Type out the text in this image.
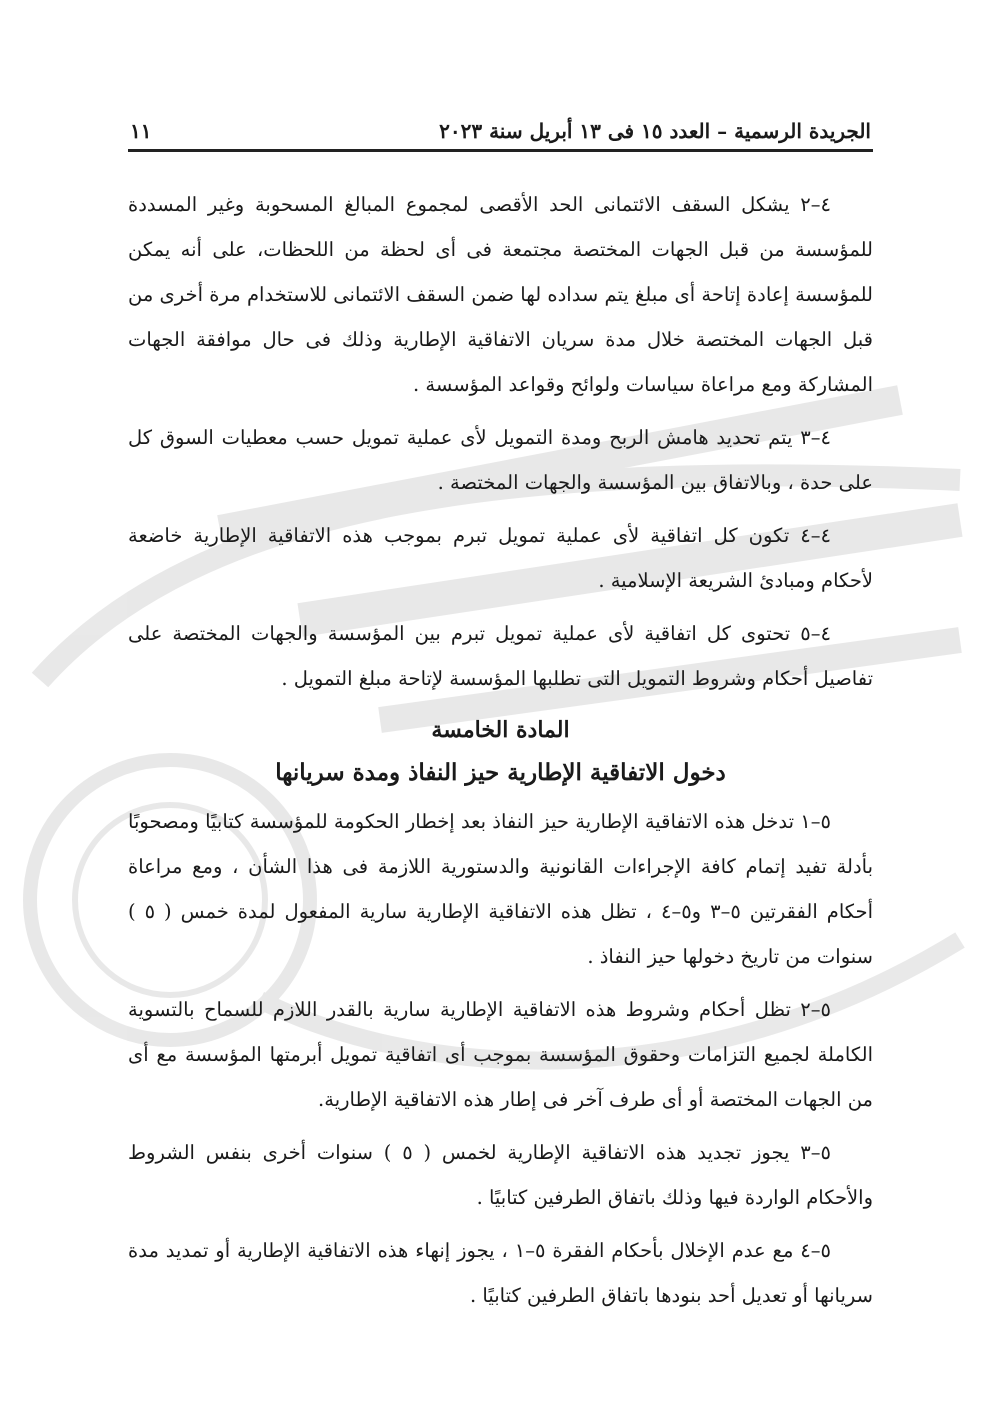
الجريدة الرسمية – العدد ١٥ فى ١٣ أبريل سنة ٢٠٢٣
١١

٤–٢ يشكل السقف الائتمانى الحد الأقصى لمجموع المبالغ المسحوبة وغير المسددة للمؤسسة من قبل الجهات المختصة مجتمعة فى أى لحظة من اللحظات، على أنه يمكن للمؤسسة إعادة إتاحة أى مبلغ يتم سداده لها ضمن السقف الائتمانى للاستخدام مرة أخرى من قبل الجهات المختصة خلال مدة سريان الاتفاقية الإطارية وذلك فى حال موافقة الجهات المشاركة ومع مراعاة سياسات ولوائح وقواعد المؤسسة .

٤–٣ يتم تحديد هامش الربح ومدة التمويل لأى عملية تمويل حسب معطيات السوق كل على حدة ، وبالاتفاق بين المؤسسة والجهات المختصة .

٤–٤ تكون كل اتفاقية لأى عملية تمويل تبرم بموجب هذه الاتفاقية الإطارية خاضعة لأحكام ومبادئ الشريعة الإسلامية .

٤–٥ تحتوى كل اتفاقية لأى عملية تمويل تبرم بين المؤسسة والجهات المختصة على تفاصيل أحكام وشروط التمويل التى تطلبها المؤسسة لإتاحة مبلغ التمويل .

المادة الخامسة

دخول الاتفاقية الإطارية حيز النفاذ ومدة سريانها

٥–١ تدخل هذه الاتفاقية الإطارية حيز النفاذ بعد إخطار الحكومة للمؤسسة كتابيًا ومصحوبًا بأدلة تفيد إتمام كافة الإجراءات القانونية والدستورية اللازمة فى هذا الشأن ، ومع مراعاة أحكام الفقرتين ٥–٣ و٥–٤ ، تظل هذه الاتفاقية الإطارية سارية المفعول لمدة خمس ( ٥ ) سنوات من تاريخ دخولها حيز النفاذ .

٥–٢ تظل أحكام وشروط هذه الاتفاقية الإطارية سارية بالقدر اللازم للسماح بالتسوية الكاملة لجميع التزامات وحقوق المؤسسة بموجب أى اتفاقية تمويل أبرمتها المؤسسة مع أى من الجهات المختصة أو أى طرف آخر فى إطار هذه الاتفاقية الإطارية.

٥–٣ يجوز تجديد هذه الاتفاقية الإطارية لخمس ( ٥ ) سنوات أخرى بنفس الشروط والأحكام الواردة فيها وذلك باتفاق الطرفين كتابيًا .

٥–٤ مع عدم الإخلال بأحكام الفقرة ٥–١ ، يجوز إنهاء هذه الاتفاقية الإطارية أو تمديد مدة سريانها أو تعديل أحد بنودها باتفاق الطرفين كتابيًا .
